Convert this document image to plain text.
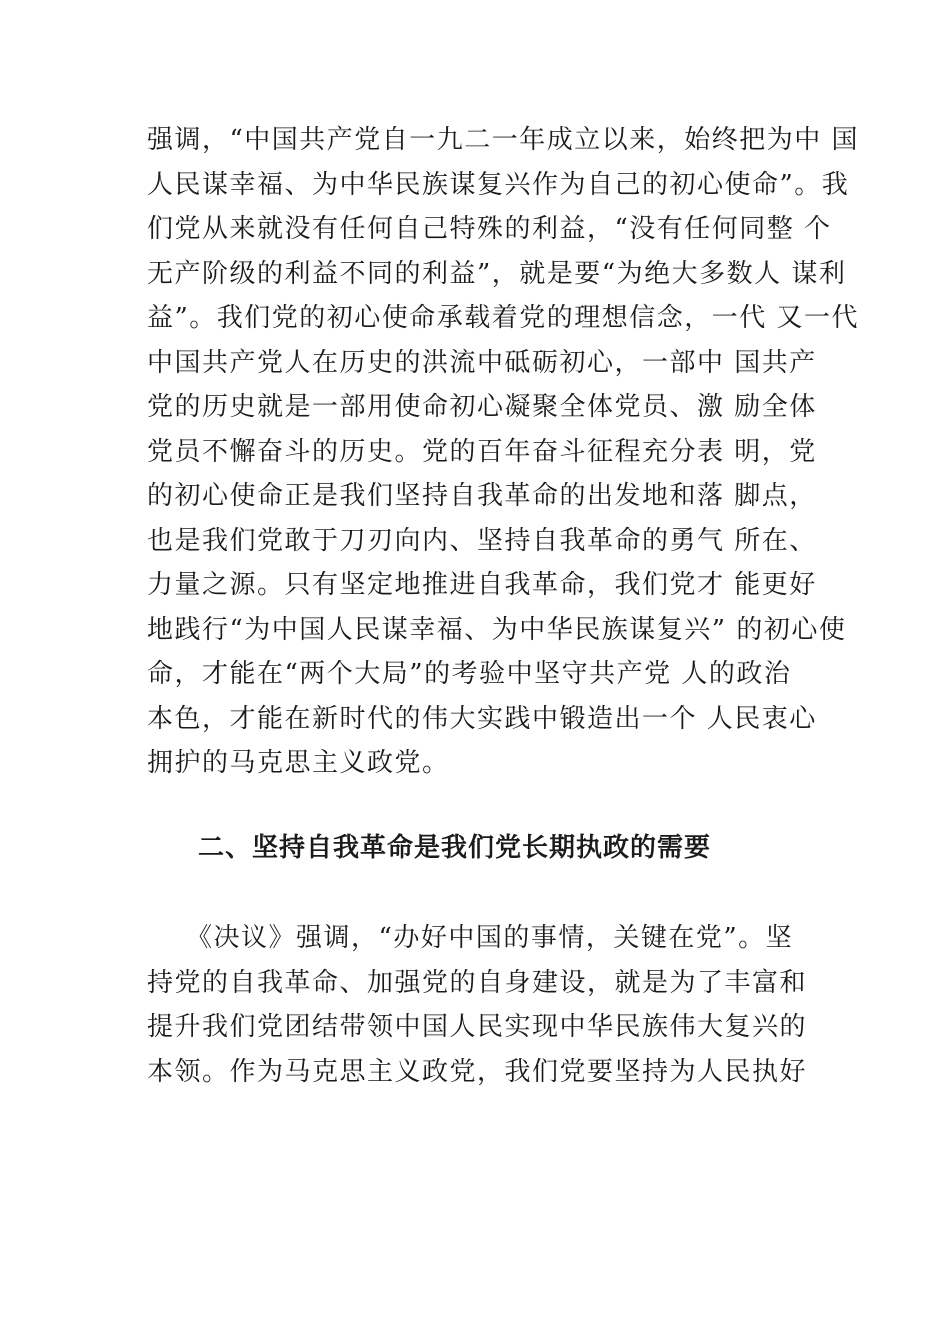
强调，“中国共产党自一九二一年成立以来，始终把为中 国
人民谋幸福、为中华民族谋复兴作为自己的初心使命”。我
们党从来就没有任何自己特殊的利益，“没有任何同整 个
无产阶级的利益不同的利益”，就是要“为绝大多数人 谋利
益”。我们党的初心使命承载着党的理想信念，一代 又一代
中国共产党人在历史的洪流中砥砺初心，一部中 国共产
党的历史就是一部用使命初心凝聚全体党员、激 励全体
党员不懈奋斗的历史。党的百年奋斗征程充分表 明，党
的初心使命正是我们坚持自我革命的出发地和落 脚点，
也是我们党敢于刀刃向内、坚持自我革命的勇气 所在、
力量之源。只有坚定地推进自我革命，我们党才 能更好
地践行“为中国人民谋幸福、为中华民族谋复兴” 的初心使
命，才能在“两个大局”的考验中坚守共产党 人的政治
本色，才能在新时代的伟大实践中锻造出一个 人民衷心
拥护的马克思主义政党。
二、坚持自我革命是我们党长期执政的需要
《决议》强调，“办好中国的事情，关键在党”。坚
持党的自我革命、加强党的自身建设，就是为了丰富和
提升我们党团结带领中国人民实现中华民族伟大复兴的
本领。作为马克思主义政党，我们党要坚持为人民执好
